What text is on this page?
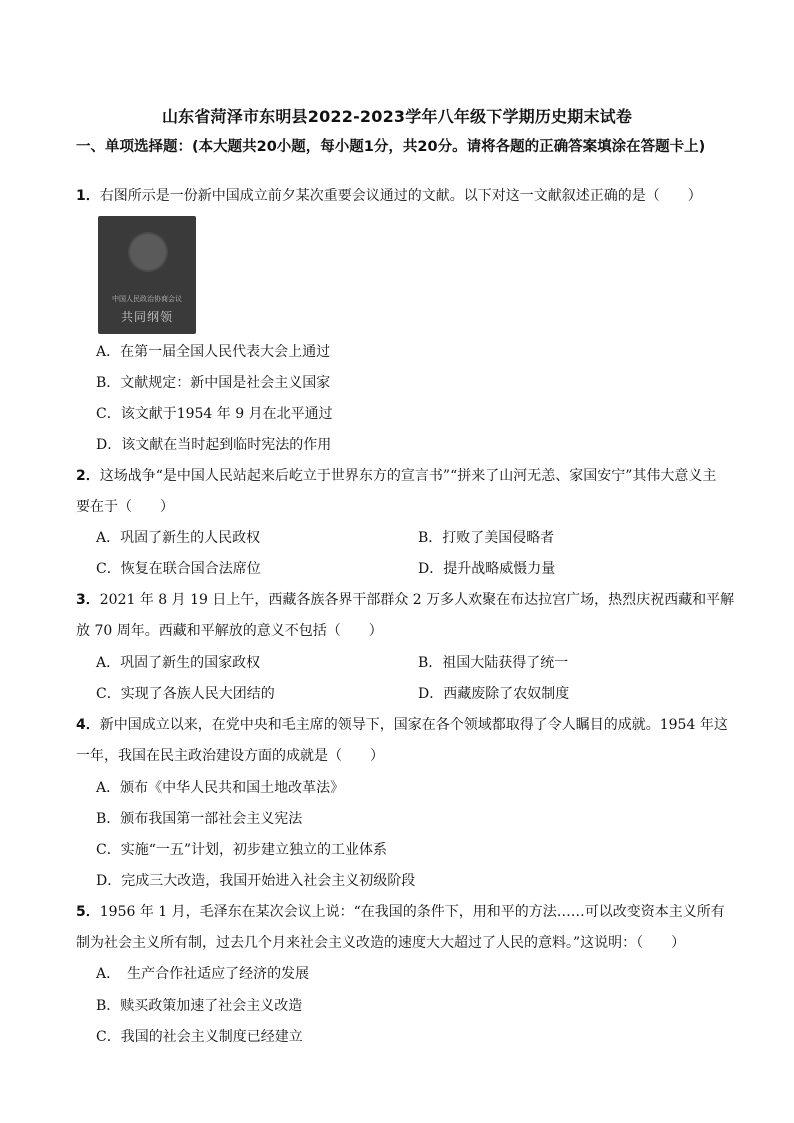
山东省菏泽市东明县2022-2023学年八年级下学期历史期末试卷
一、单项选择题：(本大题共20小题，每小题1分，共20分。请将各题的正确答案填涂在答题卡上)
1．右图所示是一份新中国成立前夕某次重要会议通过的文献。以下对这一文献叙述正确的是（　　）
中国人民政治协商会议
共同纲领
A．在第一届全国人民代表大会上通过
B．文献规定：新中国是社会主义国家
C．该文献于1954 年 9 月在北平通过
D．该文献在当时起到临时宪法的作用
2．这场战争“是中国人民站起来后屹立于世界东方的宣言书”“拼来了山河无恙、家国安宁”其伟大意义主
要在于（　　）
A．巩固了新生的人民政权	B．打败了美国侵略者
C．恢复在联合国合法席位	D．提升战略威慑力量
3．2021 年 8 月 19 日上午，西藏各族各界干部群众 2 万多人欢聚在布达拉宫广场，热烈庆祝西藏和平解
放 70 周年。西藏和平解放的意义不包括（　　）
A．巩固了新生的国家政权	B．祖国大陆获得了统一
C．实现了各族人民大团结的	D．西藏废除了农奴制度
4．新中国成立以来，在党中央和毛主席的领导下，国家在各个领域都取得了令人瞩目的成就。1954 年这
一年，我国在民主政治建设方面的成就是（　　）
A．颁布《中华人民共和国土地改革法》
B．颁布我国第一部社会主义宪法
C．实施“一五”计划，初步建立独立的工业体系
D．完成三大改造，我国开始进入社会主义初级阶段
5．1956 年 1 月，毛泽东在某次会议上说：“在我国的条件下，用和平的方法……可以改变资本主义所有
制为社会主义所有制，过去几个月来社会主义改造的速度大大超过了人民的意料。”这说明：（　　）
A．　生产合作社适应了经济的发展
B．赎买政策加速了社会主义改造
C．我国的社会主义制度已经建立
